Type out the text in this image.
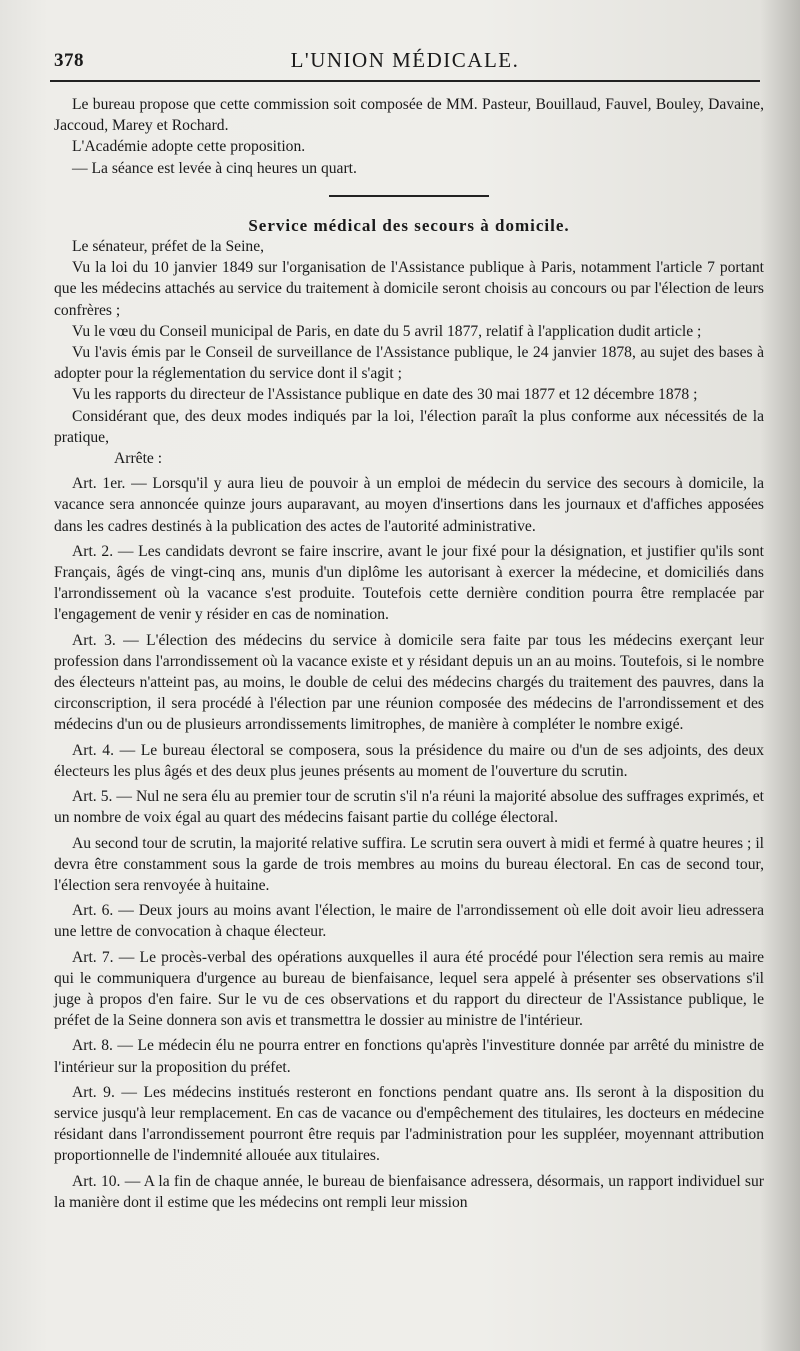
378	L'UNION MÉDICALE.

Le bureau propose que cette commission soit composée de MM. Pasteur, Bouillaud, Fauvel, Bouley, Davaine, Jaccoud, Marey et Rochard.

L'Académie adopte cette proposition.

— La séance est levée à cinq heures un quart.

Service médical des secours à domicile.

Le sénateur, préfet de la Seine,

Vu la loi du 10 janvier 1849 sur l'organisation de l'Assistance publique à Paris, notamment l'article 7 portant que les médecins attachés au service du traitement à domicile seront choisis au concours ou par l'élection de leurs confrères ;

Vu le vœu du Conseil municipal de Paris, en date du 5 avril 1877, relatif à l'application dudit article ;

Vu l'avis émis par le Conseil de surveillance de l'Assistance publique, le 24 janvier 1878, au sujet des bases à adopter pour la réglementation du service dont il s'agit ;

Vu les rapports du directeur de l'Assistance publique en date des 30 mai 1877 et 12 décembre 1878 ;

Considérant que, des deux modes indiqués par la loi, l'élection paraît la plus conforme aux nécessités de la pratique,

Arrête :

Art. 1er. — Lorsqu'il y aura lieu de pouvoir à un emploi de médecin du service des secours à domicile, la vacance sera annoncée quinze jours auparavant, au moyen d'insertions dans les journaux et d'affiches apposées dans les cadres destinés à la publication des actes de l'autorité administrative.

Art. 2. — Les candidats devront se faire inscrire, avant le jour fixé pour la désignation, et justifier qu'ils sont Français, âgés de vingt-cinq ans, munis d'un diplôme les autorisant à exercer la médecine, et domiciliés dans l'arrondissement où la vacance s'est produite. Toutefois cette dernière condition pourra être remplacée par l'engagement de venir y résider en cas de nomination.

Art. 3. — L'élection des médecins du service à domicile sera faite par tous les médecins exerçant leur profession dans l'arrondissement où la vacance existe et y résidant depuis un an au moins. Toutefois, si le nombre des électeurs n'atteint pas, au moins, le double de celui des médecins chargés du traitement des pauvres, dans la circonscription, il sera procédé à l'élection par une réunion composée des médecins de l'arrondissement et des médecins d'un ou de plusieurs arrondissements limitrophes, de manière à compléter le nombre exigé.

Art. 4. — Le bureau électoral se composera, sous la présidence du maire ou d'un de ses adjoints, des deux électeurs les plus âgés et des deux plus jeunes présents au moment de l'ouverture du scrutin.

Art. 5. — Nul ne sera élu au premier tour de scrutin s'il n'a réuni la majorité absolue des suffrages exprimés, et un nombre de voix égal au quart des médecins faisant partie du collége électoral.

Au second tour de scrutin, la majorité relative suffira. Le scrutin sera ouvert à midi et fermé à quatre heures ; il devra être constamment sous la garde de trois membres au moins du bureau électoral. En cas de second tour, l'élection sera renvoyée à huitaine.

Art. 6. — Deux jours au moins avant l'élection, le maire de l'arrondissement où elle doit avoir lieu adressera une lettre de convocation à chaque électeur.

Art. 7. — Le procès-verbal des opérations auxquelles il aura été procédé pour l'élection sera remis au maire qui le communiquera d'urgence au bureau de bienfaisance, lequel sera appelé à présenter ses observations s'il juge à propos d'en faire. Sur le vu de ces observations et du rapport du directeur de l'Assistance publique, le préfet de la Seine donnera son avis et transmettra le dossier au ministre de l'intérieur.

Art. 8. — Le médecin élu ne pourra entrer en fonctions qu'après l'investiture donnée par arrêté du ministre de l'intérieur sur la proposition du préfet.

Art. 9. — Les médecins institués resteront en fonctions pendant quatre ans. Ils seront à la disposition du service jusqu'à leur remplacement. En cas de vacance ou d'empêchement des titulaires, les docteurs en médecine résidant dans l'arrondissement pourront être requis par l'administration pour les suppléer, moyennant attribution proportionnelle de l'indemnité allouée aux titulaires.

Art. 10. — A la fin de chaque année, le bureau de bienfaisance adressera, désormais, un rapport individuel sur la manière dont il estime que les médecins ont rempli leur mission
